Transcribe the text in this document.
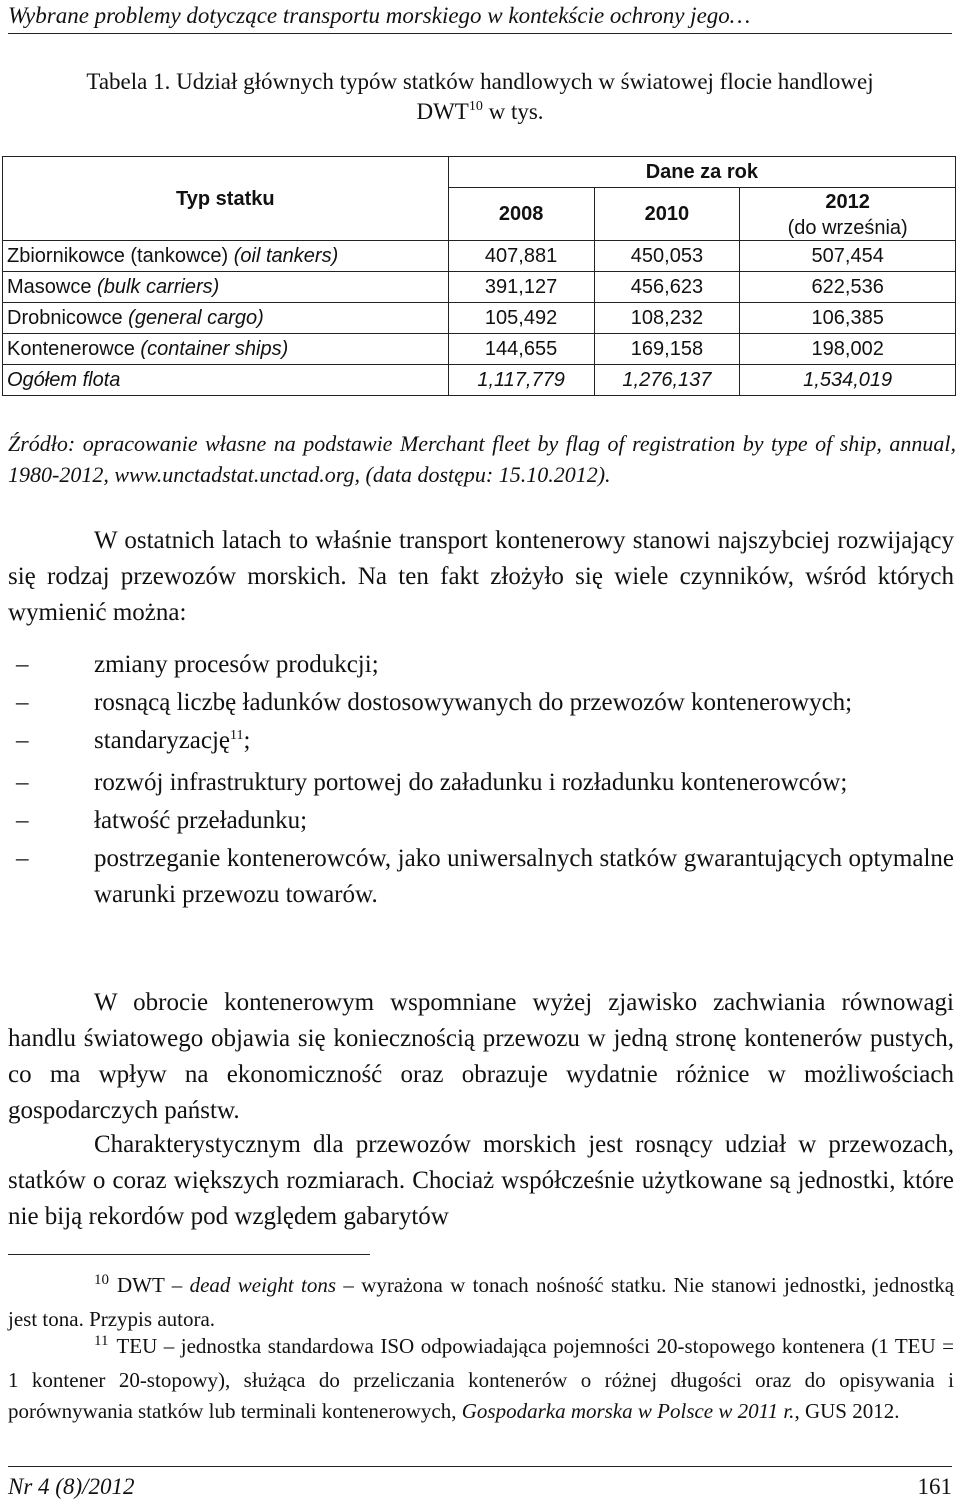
Wybrane problemy dotyczące transportu morskiego w kontekście ochrony jego…
Tabela 1. Udział głównych typów statków handlowych w światowej flocie handlowej
DWT$^{10}$ w tys.
Typ statku	Dane za rok		
	2008	2010	2012
(do września)

Zbiornikowce (tankowce) (oil tankers)	407,881	450,053	507,454
Masowce (bulk carriers)	391,127	456,623	622,536
Drobnicowce (general cargo)	105,492	108,232	106,385
Kontenerowce (container ships)	144,655	169,158	198,002
Ogółem flota	1,117,779	1,276,137	1,534,019
Źródło: opracowanie własne na podstawie Merchant fleet by flag of registration by type of ship, annual, 1980-2012, www.unctadstat.unctad.org, (data dostępu: 15.10.2012).
W ostatnich latach to właśnie transport kontenerowy stanowi najszybciej rozwijający się rodzaj przewozów morskich. Na ten fakt złożyło się wiele czynników, wśród których wymienić można:
–	zmiany procesów produkcji;
–	rosnącą liczbę ładunków dostosowywanych do przewozów kontenerowych;
–	standaryzację$^{11}$;
–	rozwój infrastruktury portowej do załadunku i rozładunku kontenerowców;
–	łatwość przeładunku;
–	postrzeganie kontenerowców, jako uniwersalnych statków gwarantujących optymalne warunki przewozu towarów.
W obrocie kontenerowym wspomniane wyżej zjawisko zachwiania równowagi handlu światowego objawia się koniecznością przewozu w jedną stronę kontenerów pustych, co ma wpływ na ekonomiczność oraz obrazuje wydatnie różnice w możliwościach gospodarczych państw.
Charakterystycznym dla przewozów morskich jest rosnący udział w przewozach, statków o coraz większych rozmiarach. Chociaż współcześnie użytkowane są jednostki, które nie biją rekordów pod względem gabarytów
$^{10}$ DWT – dead weight tons – wyrażona w tonach nośność statku. Nie stanowi jednostki, jednostką jest tona. Przypis autora.
$^{11}$ TEU – jednostka standardowa ISO odpowiadająca pojemności 20-stopowego kontenera (1 TEU = 1 kontener 20-stopowy), służąca do przeliczania kontenerów o różnej długości oraz do opisywania i porównywania statków lub terminali kontenerowych, Gospodarka morska w Polsce w 2011 r., GUS 2012.
Nr 4 (8)/2012	161
